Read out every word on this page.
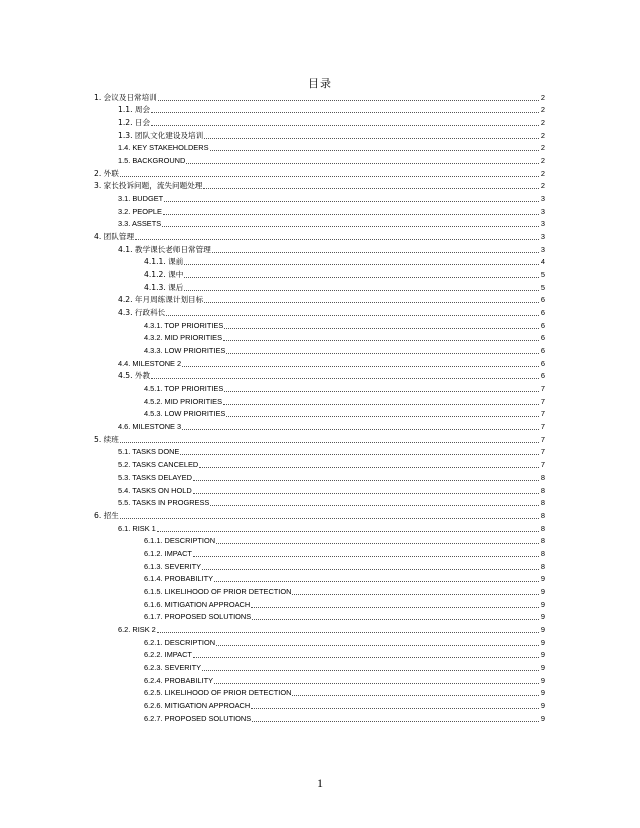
目录
1. 会议及日常培训	2
1.1. 周会	2
1.2. 日会	2
1.3. 团队文化建设及培训	2
1.4. KEY STAKEHOLDERS	2
1.5. BACKGROUND	2
2. 外联	2
3. 家长投诉问题，流失问题处理	2
3.1. BUDGET	3
3.2. PEOPLE	3
3.3. ASSETS	3
4. 团队管理	3
4.1. 教学课长老师日常管理	3
4.1.1. 课前	4
4.1.2. 课中	5
4.1.3. 课后	5
4.2. 年月周练课计划目标	6
4.3. 行政科长	6
4.3.1. TOP PRIORITIES	6
4.3.2. MID PRIORITIES	6
4.3.3. LOW PRIORITIES	6
4.4. MILESTONE 2	6
4.5. 外教	6
4.5.1. TOP PRIORITIES	7
4.5.2. MID PRIORITIES	7
4.5.3. LOW PRIORITIES	7
4.6. MILESTONE 3	7
5. 续班	7
5.1. TASKS DONE	7
5.2. TASKS CANCELED	7
5.3. TASKS DELAYED	8
5.4. TASKS ON HOLD	8
5.5. TASKS IN PROGRESS	8
6. 招生	8
6.1. RISK 1	8
6.1.1. DESCRIPTION	8
6.1.2. IMPACT	8
6.1.3. SEVERITY	8
6.1.4. PROBABILITY	9
6.1.5. LIKELIHOOD OF PRIOR DETECTION	9
6.1.6. MITIGATION APPROACH	9
6.1.7. PROPOSED SOLUTIONS	9
6.2. RISK 2	9
6.2.1. DESCRIPTION	9
6.2.2. IMPACT	9
6.2.3. SEVERITY	9
6.2.4. PROBABILITY	9
6.2.5. LIKELIHOOD OF PRIOR DETECTION	9
6.2.6. MITIGATION APPROACH	9
6.2.7. PROPOSED SOLUTIONS	9
1
